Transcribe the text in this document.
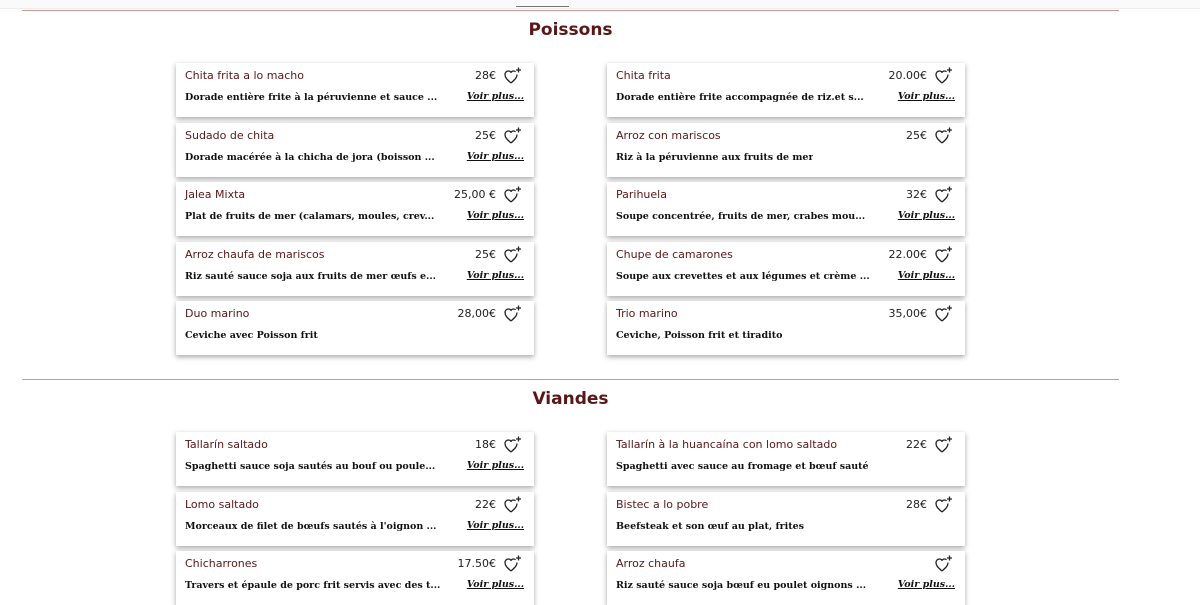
Poissons
Chita frita a lo macho	28€
Dorade entière frite à la péruvienne et sauce ...	Voir plus...
Chita frita	20.00€
Dorade entière frite accompagnée de riz.et s...	Voir plus...
Sudado de chita	25€
Dorade macérée à la chicha de jora (boisson ...	Voir plus...
Arroz con mariscos	25€
Riz à la péruvienne aux fruits de mer
Jalea Mixta	25,00 €
Plat de fruits de mer (calamars, moules, crev...	Voir plus...
Parihuela	32€
Soupe concentrée, fruits de mer, crabes mou...	Voir plus...
Arroz chaufa de mariscos	25€
Riz sauté sauce soja aux fruits de mer œufs e...	Voir plus...
Chupe de camarones	22.00€
Soupe aux crevettes et aux légumes et crème ...	Voir plus...
Duo marino	28,00€
Ceviche avec Poisson frit
Trio marino	35,00€
Ceviche, Poisson frit et tiradito
Viandes
Tallarín saltado	18€
Spaghetti sauce soja sautés au bouf ou poule...	Voir plus...
Tallarín à la huancaína con lomo saltado	22€
Spaghetti avec sauce au fromage et bœuf sauté
Lomo saltado	22€
Morceaux de filet de bœufs sautés à l'oignon ...	Voir plus...
Bistec a lo pobre	28€
Beefsteak et son œuf au plat, frites
Chicharrones	17.50€
Travers et épaule de porc frit servis avec des t...	Voir plus...
Arroz chaufa
Riz sauté sauce soja bœuf eu poulet oignons ...	Voir plus...
